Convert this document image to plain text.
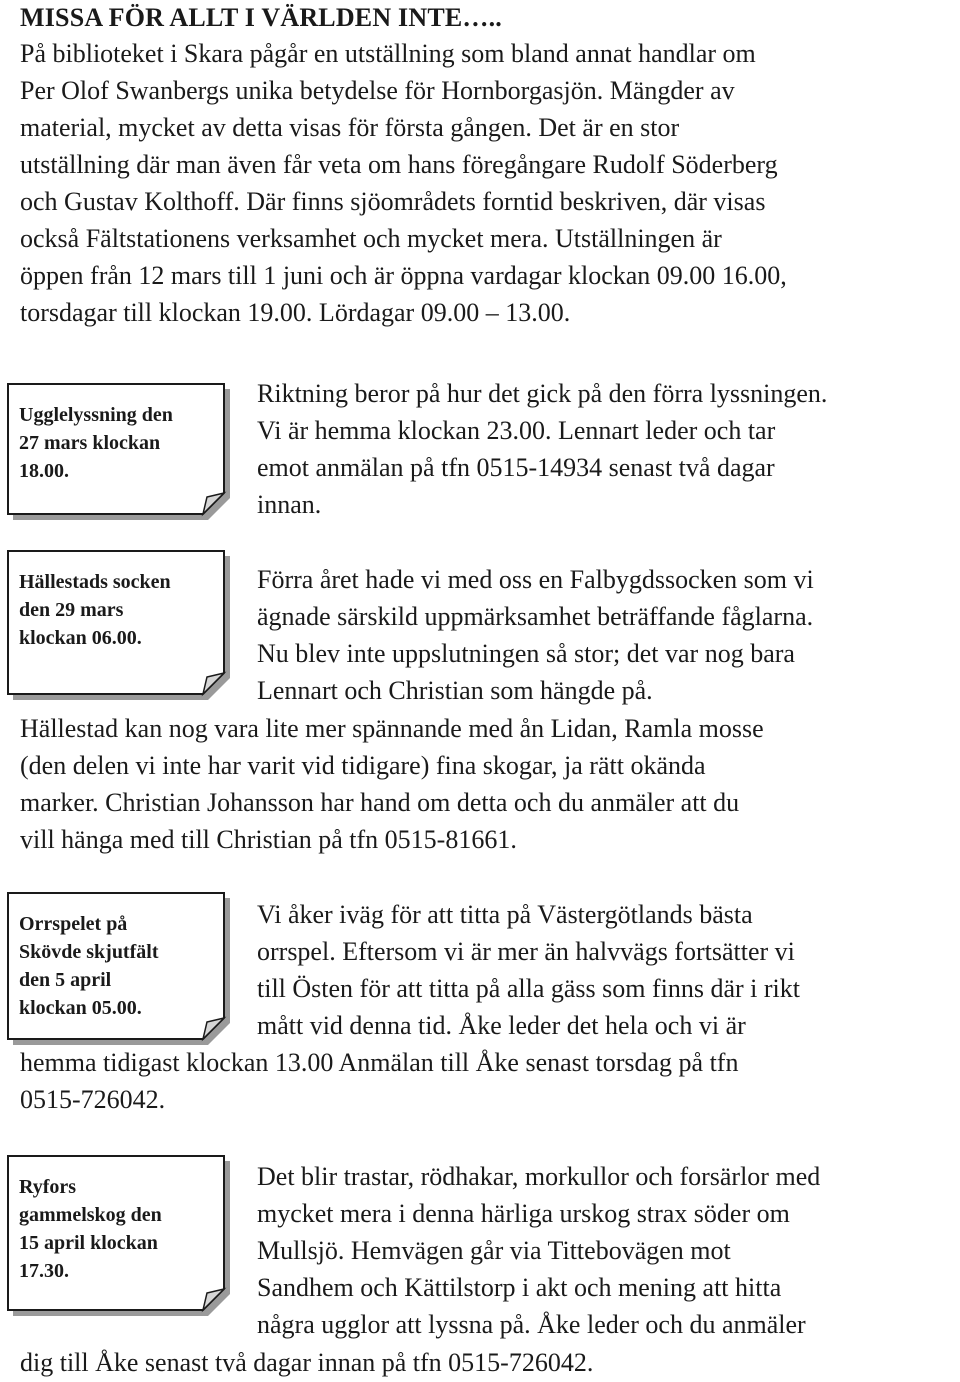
MISSA FÖR ALLT I VÄRLDEN INTE…..
På biblioteket i Skara pågår en utställning som bland annat handlar om
Per Olof Swanbergs unika betydelse för Hornborgasjön. Mängder av
material, mycket av detta visas för första gången. Det är en stor
utställning där man även får veta om hans föregångare Rudolf Söderberg
och Gustav Kolthoff. Där finns sjöområdets forntid beskriven, där visas
också Fältstationens verksamhet och mycket mera. Utställningen är
öppen från 12 mars till 1 juni och är öppna vardagar klockan 09.00 16.00,
torsdagar till klockan 19.00. Lördagar 09.00 – 13.00.
Ugglelyssning den
27 mars klockan
18.00.
Riktning beror på hur det gick på den förra lyssningen.
Vi är hemma klockan 23.00. Lennart leder och tar
emot anmälan på tfn 0515-14934 senast två dagar
innan.
Hällestads socken
den 29 mars
klockan 06.00.
Förra året hade vi med oss en Falbygdssocken som vi
ägnade särskild uppmärksamhet beträffande fåglarna.
Nu blev inte uppslutningen så stor; det var nog bara
Lennart och Christian som hängde på.
Hällestad kan nog vara lite mer spännande med ån Lidan, Ramla mosse
(den delen vi inte har varit vid tidigare) fina skogar, ja rätt okända
marker. Christian Johansson har hand om detta och du anmäler att du
vill hänga med till Christian på tfn 0515-81661.
Orrspelet på
Skövde skjutfält
den 5 april
klockan 05.00.
Vi åker iväg för att titta på Västergötlands bästa
orrspel. Eftersom vi är mer än halvvägs fortsätter vi
till Östen för att titta på alla gäss som finns där i rikt
mått vid denna tid. Åke leder det hela och vi är
hemma tidigast klockan 13.00 Anmälan till Åke senast torsdag på tfn
0515-726042.
Ryfors
gammelskog den
15 april klockan
17.30.
Det blir trastar, rödhakar, morkullor och forsärlor med
mycket mera i denna härliga urskog strax söder om
Mullsjö. Hemvägen går via Tittebovägen mot
Sandhem och Kättilstorp i akt och mening att hitta
några ugglor att lyssna på. Åke leder och du anmäler
dig till Åke senast två dagar innan på tfn 0515-726042.
